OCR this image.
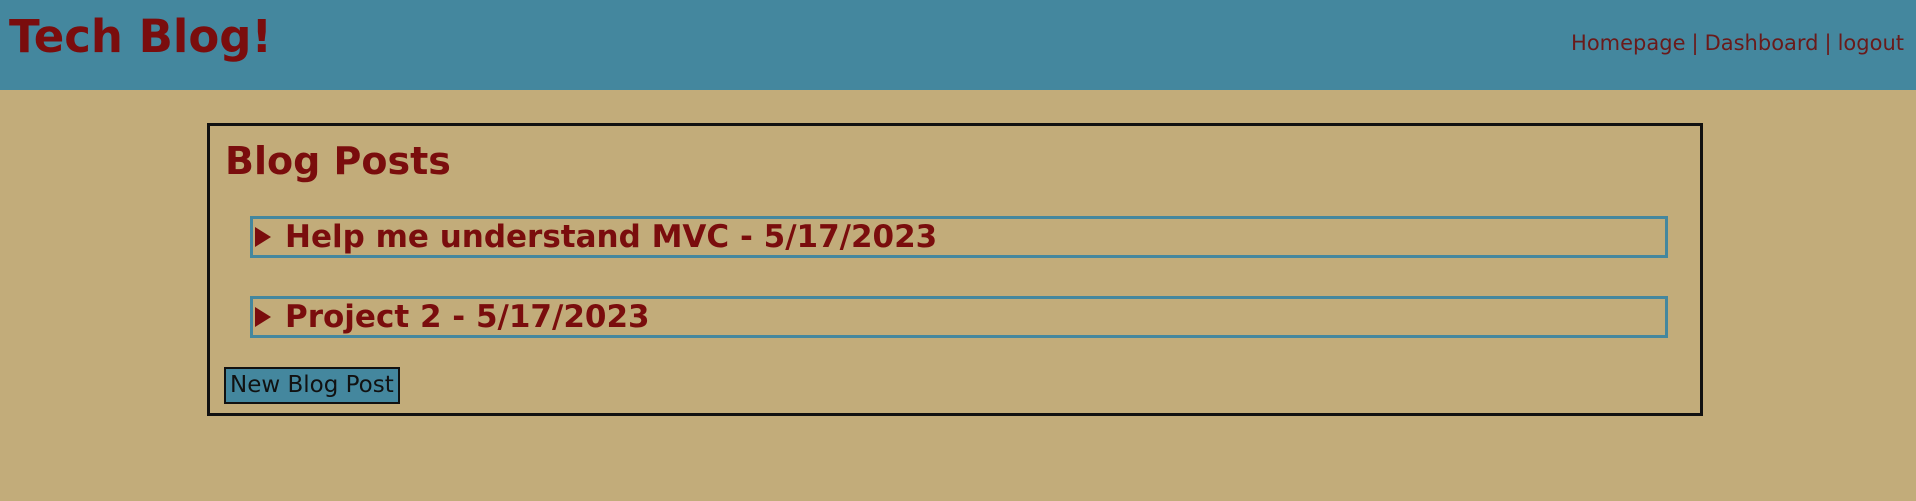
Tech Blog!	Homepage | Dashboard | logout
Blog Posts
Help me understand MVC - 5/17/2023
Project 2 - 5/17/2023
New Blog Post
